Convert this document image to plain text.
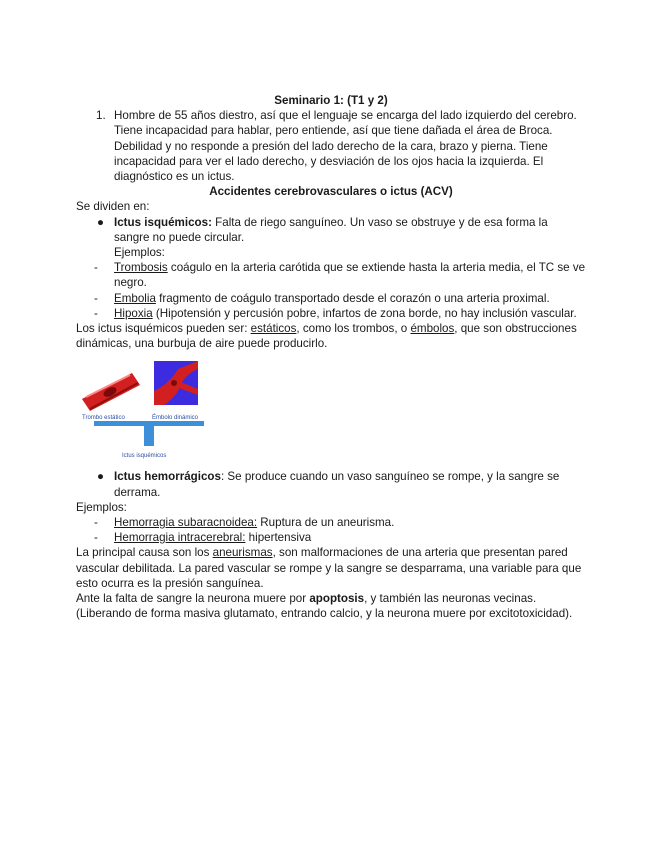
Seminario 1: (T1 y 2)
1. Hombre de 55 años diestro, así que el lenguaje se encarga del lado izquierdo del cerebro. Tiene incapacidad para hablar, pero entiende, así que tiene dañada el área de Broca. Debilidad y no responde a presión del lado derecho de la cara, brazo y pierna. Tiene incapacidad para ver el lado derecho, y desviación de los ojos hacia la izquierda. El diagnóstico es un ictus.
Accidentes cerebrovasculares o ictus (ACV)
Se dividen en:
● Ictus isquémicos: Falta de riego sanguíneo. Un vaso se obstruye y de esa forma la sangre no puede circular.
Ejemplos:
- Trombosis coágulo en la arteria carótida que se extiende hasta la arteria media, el TC se ve negro.
- Embolia fragmento de coágulo transportado desde el corazón o una arteria proximal.
- Hipoxia (Hipotensión y percusión pobre, infartos de zona borde, no hay inclusión vascular.
Los ictus isquémicos pueden ser: estáticos, como los trombos, o émbolos, que son obstrucciones dinámicas, una burbuja de aire puede producirlo.
Trombo estático	Émbolo dinámico
Ictus isquémicos
● Ictus hemorrágicos: Se produce cuando un vaso sanguíneo se rompe, y la sangre se derrama.
Ejemplos:
- Hemorragia subaracnoidea: Ruptura de un aneurisma.
- Hemorragia intracerebral: hipertensiva
La principal causa son los aneurismas, son malformaciones de una arteria que presentan pared vascular debilitada. La pared vascular se rompe y la sangre se desparrama, una variable para que esto ocurra es la presión sanguínea.
Ante la falta de sangre la neurona muere por apoptosis, y también las neuronas vecinas. (Liberando de forma masiva glutamato, entrando calcio, y la neurona muere por excitotoxicidad).
